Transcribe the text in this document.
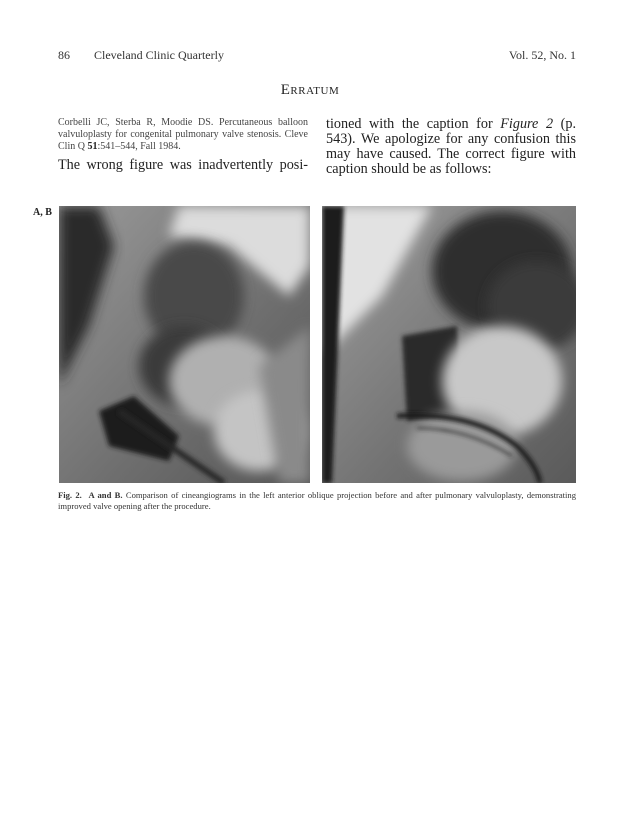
86 Cleveland Clinic Quarterly	Vol. 52, No. 1
Erratum

Corbelli JC, Sterba R, Moodie DS. Percutaneous balloon valvuloplasty for congenital pulmonary valve stenosis. Cleve Clin Q 51:541–544, Fall 1984.

The wrong figure was inadvertently posi-

tioned with the caption for Figure 2 (p. 543). We apologize for any confusion this may have caused. The correct figure with caption should be as follows:

A, B

Fig. 2. A and B. Comparison of cineangiograms in the left anterior oblique projection before and after pulmonary valvuloplasty, demonstrating improved valve opening after the procedure.
